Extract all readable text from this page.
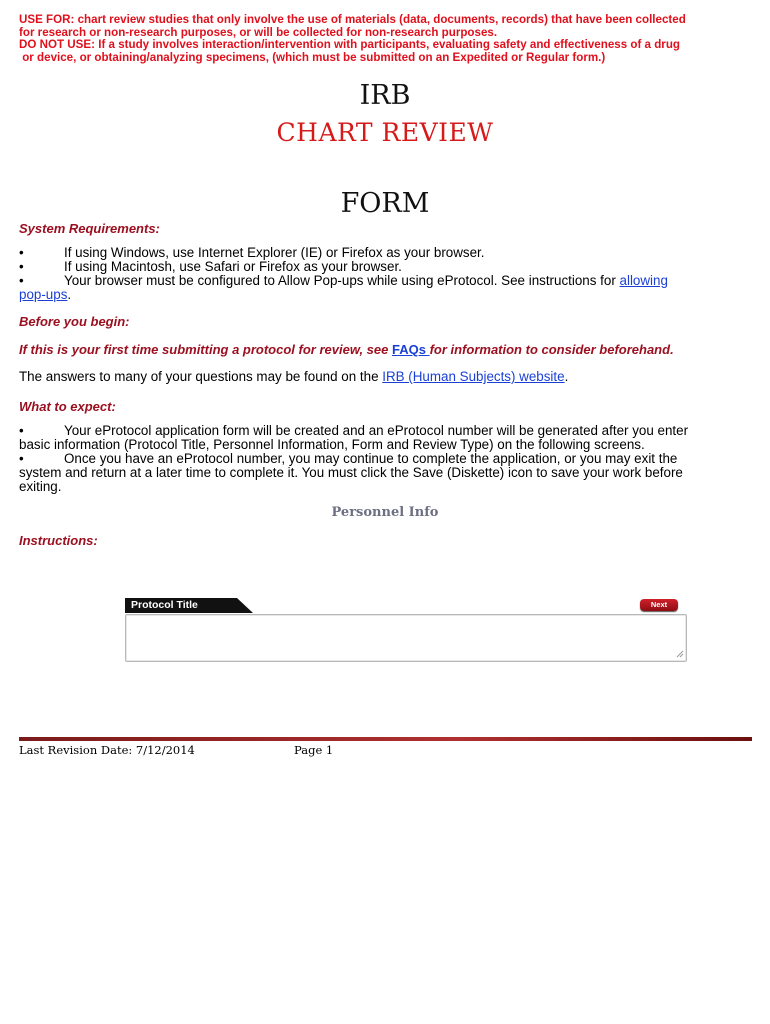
USE FOR: chart review studies that only involve the use of materials (data, documents, records) that have been collected
for research or non-research purposes, or will be collected for non-research purposes.
DO NOT USE: If a study involves interaction/intervention with participants, evaluating safety and effectiveness of a drug
or device, or obtaining/analyzing specimens, (which must be submitted on an Expedited or Regular form.)
IRB
CHART REVIEW
FORM
System Requirements:
•	If using Windows, use Internet Explorer (IE) or Firefox as your browser.
•	If using Macintosh, use Safari or Firefox as your browser.
•	Your browser must be configured to Allow Pop-ups while using eProtocol. See instructions for allowing
pop-ups.
Before you begin:
If this is your first time submitting a protocol for review, see FAQs for information to consider beforehand.
The answers to many of your questions may be found on the IRB (Human Subjects) website.
What to expect:
•	Your eProtocol application form will be created and an eProtocol number will be generated after you enter
basic information (Protocol Title, Personnel Information, Form and Review Type) on the following screens.
•	Once you have an eProtocol number, you may continue to complete the application, or you may exit the
system and return at a later time to complete it. You must click the Save (Diskette) icon to save your work before
exiting.
Personnel Info
Instructions:
Protocol Title	Next
Last Revision Date: 7/12/2014	Page 1
